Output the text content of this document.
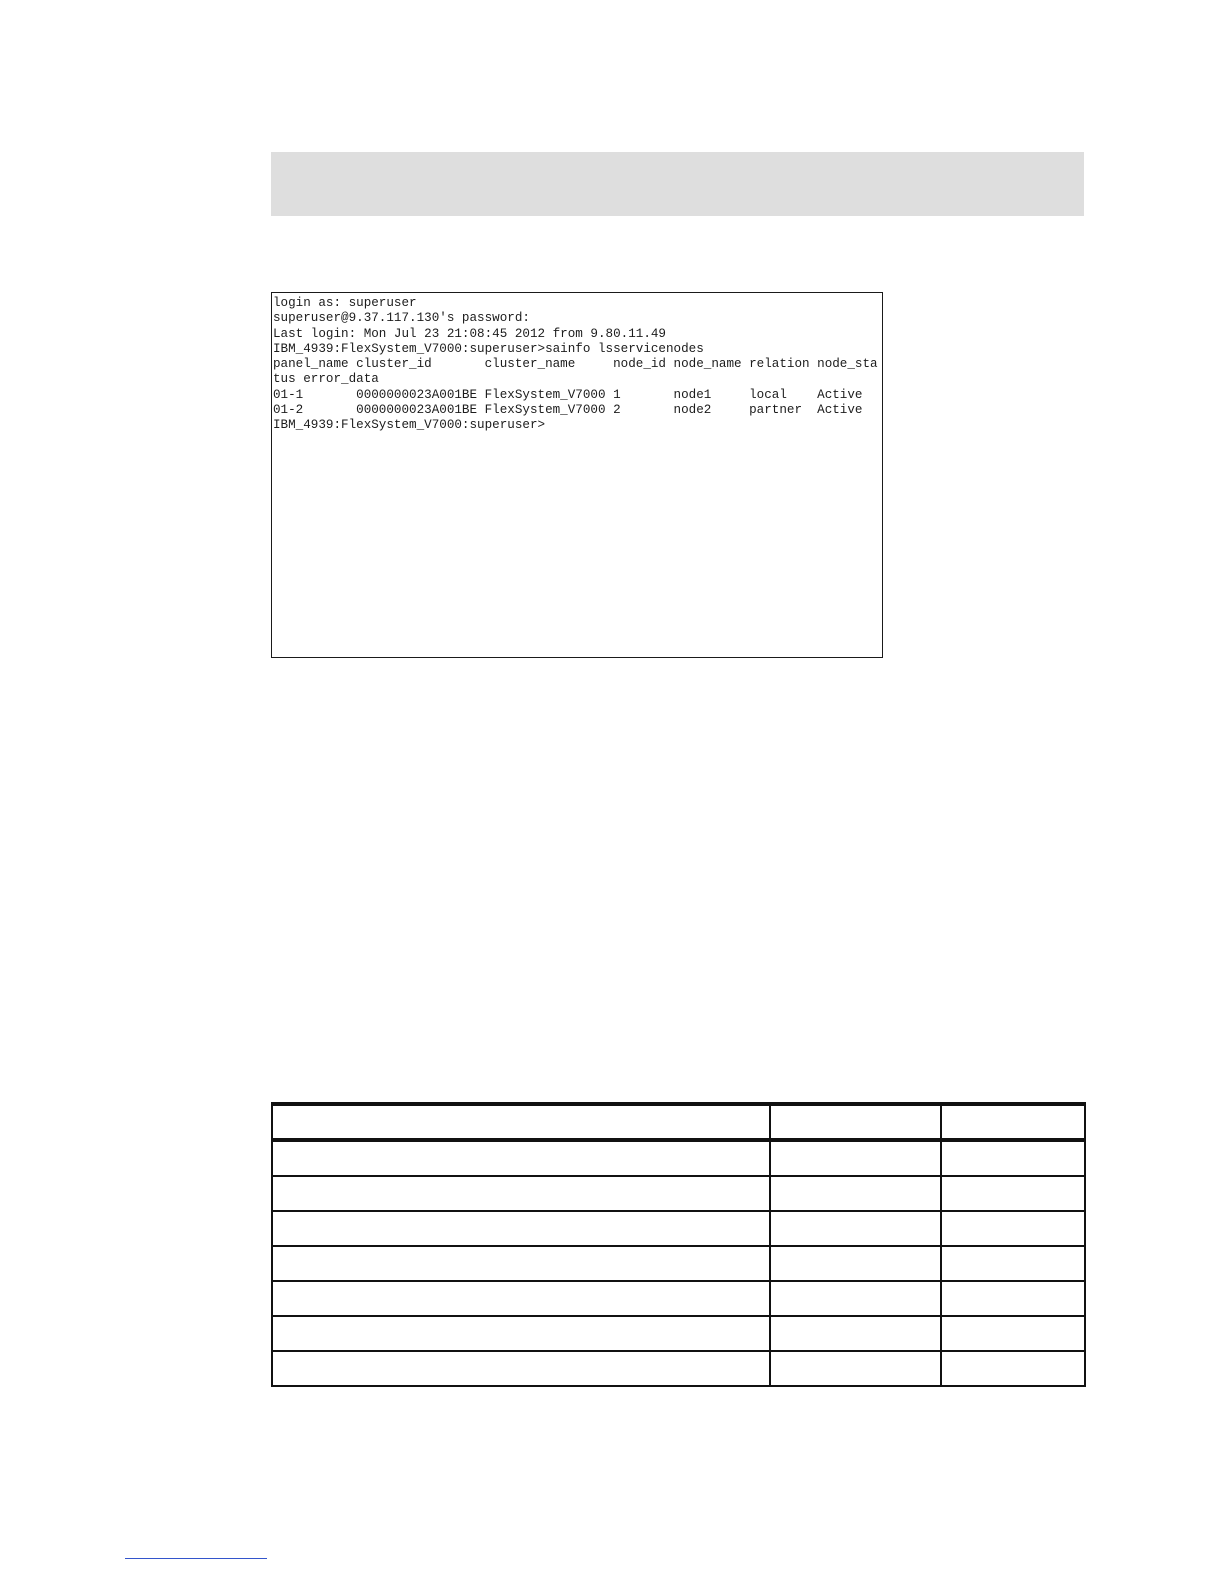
login as: superuser
superuser@9.37.117.130's password:
Last login: Mon Jul 23 21:08:45 2012 from 9.80.11.49
IBM_4939:FlexSystem_V7000:superuser>sainfo lsservicenodes
panel_name cluster_id       cluster_name     node_id node_name relation node_sta
tus error_data
01-1       0000000023A001BE FlexSystem_V7000 1       node1     local    Active
01-2       0000000023A001BE FlexSystem_V7000 2       node2     partner  Active
IBM_4939:FlexSystem_V7000:superuser>
